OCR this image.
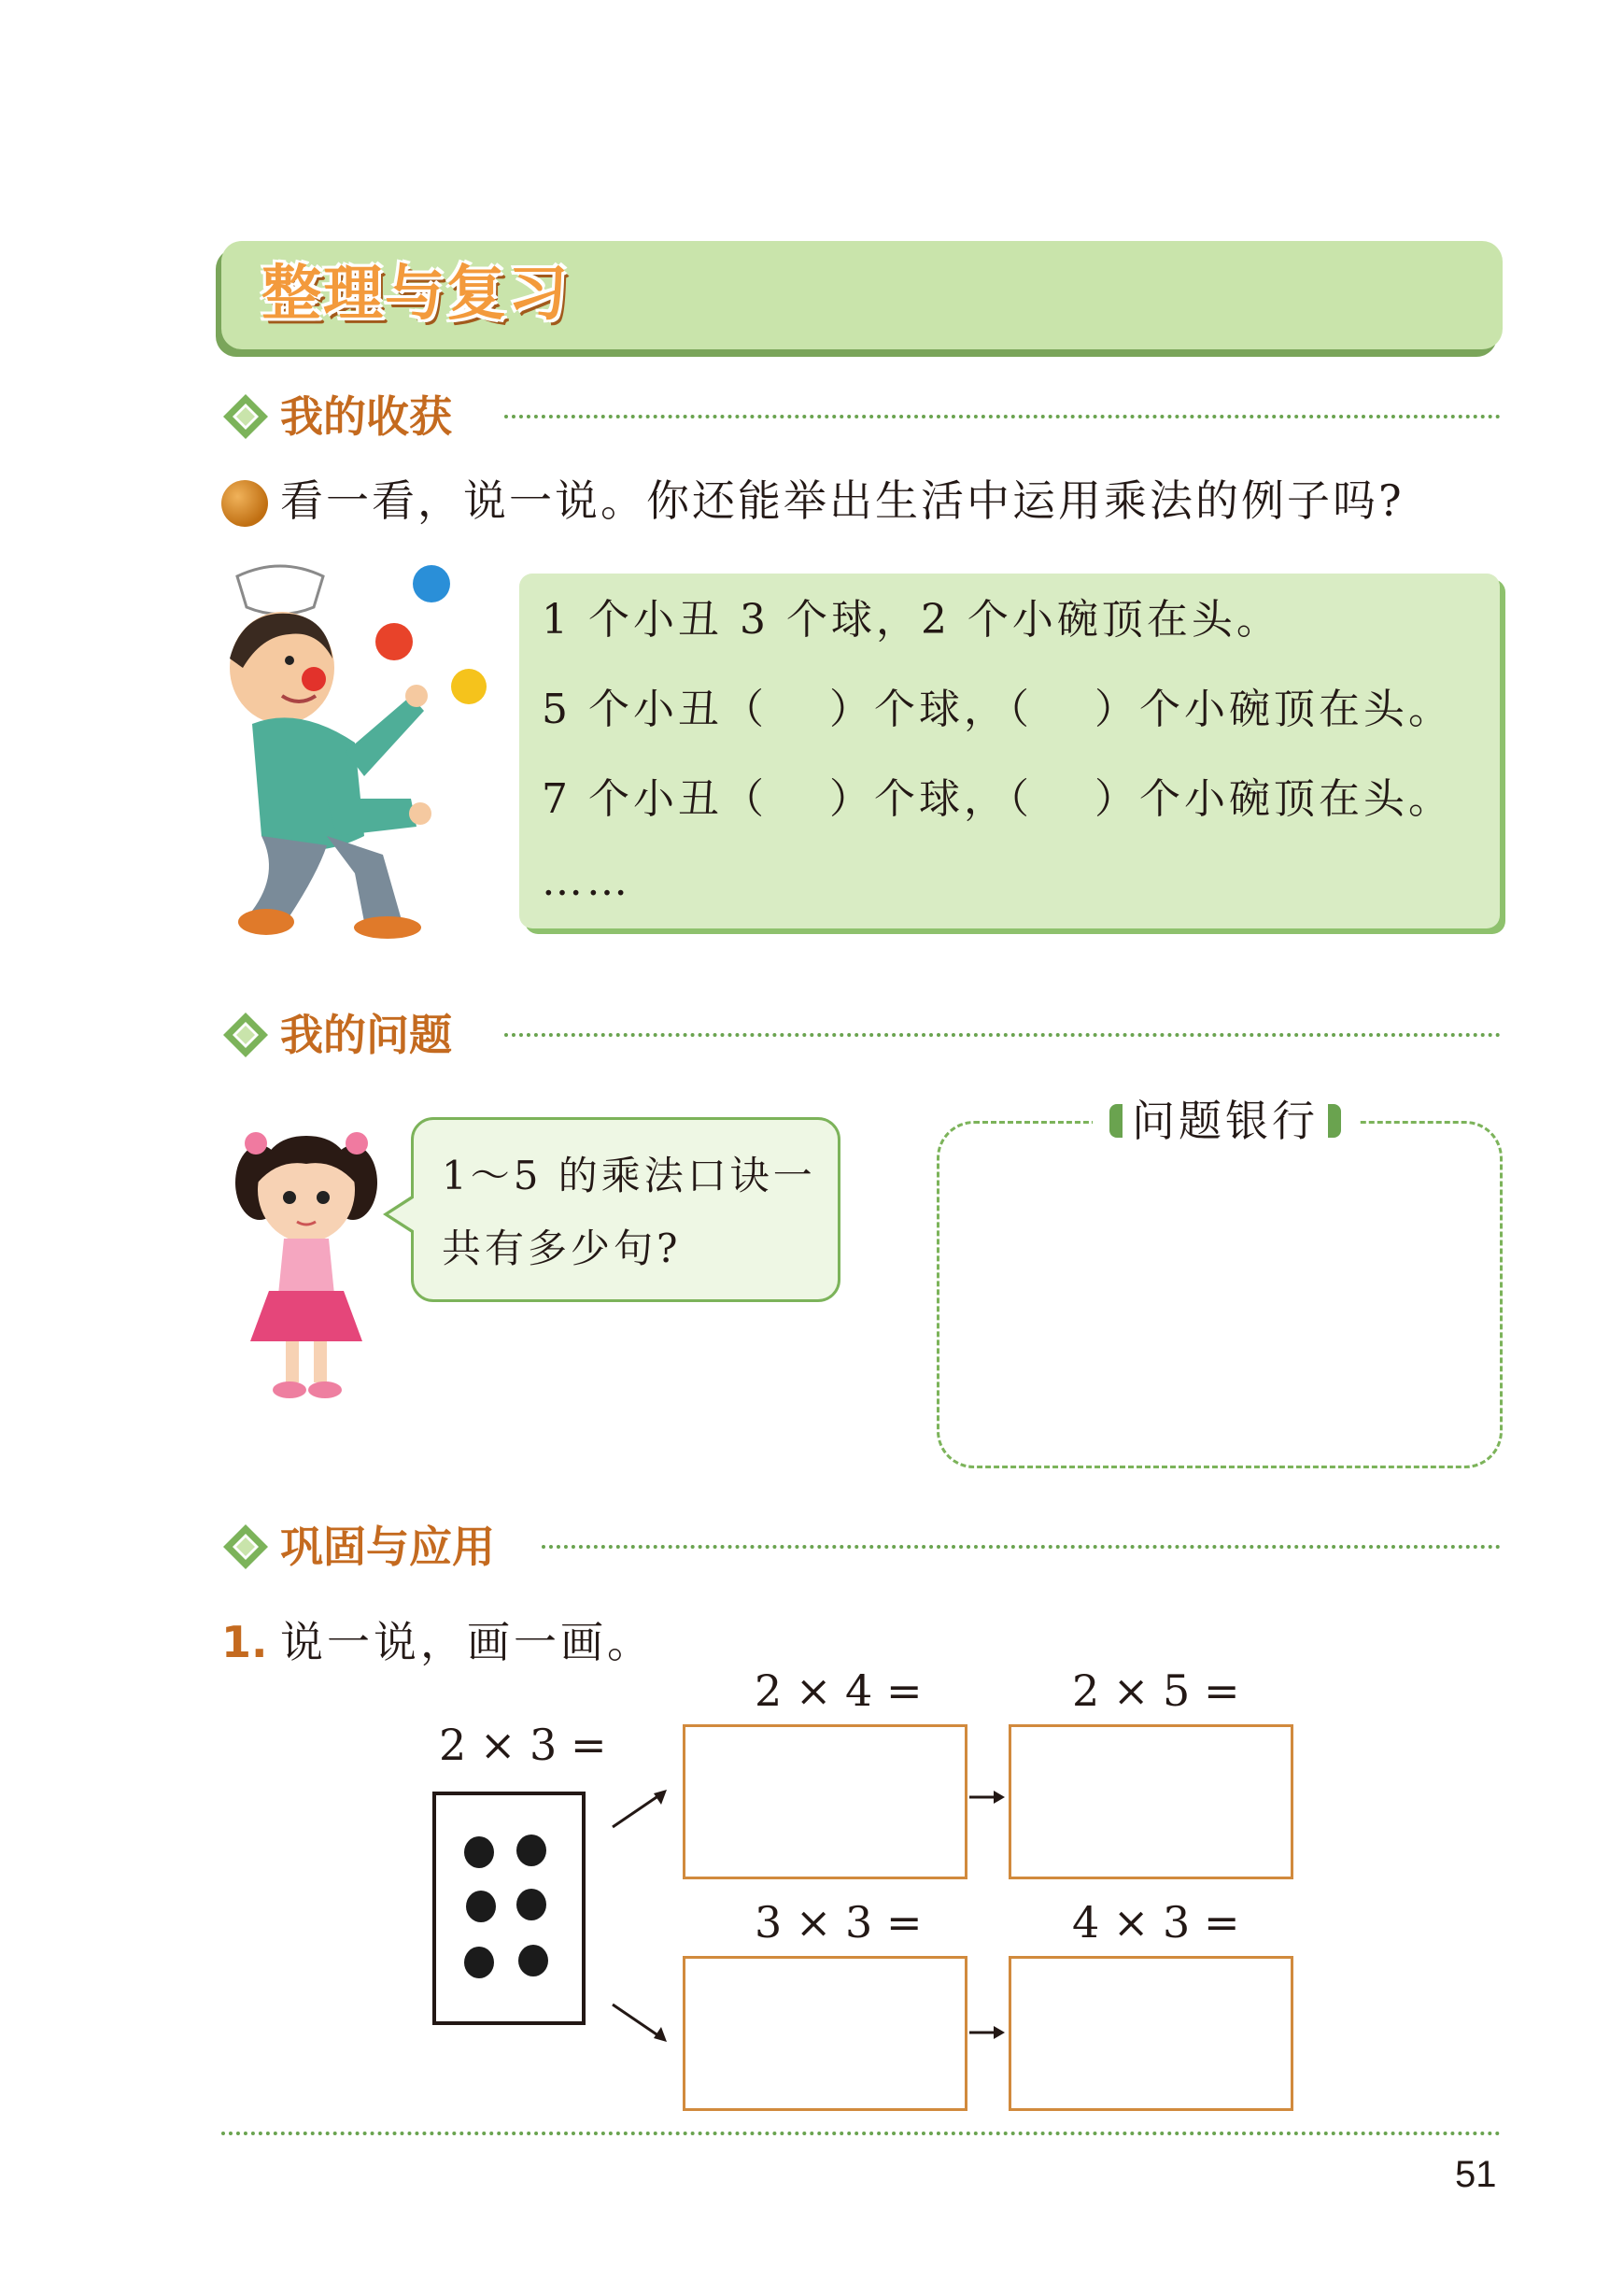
整理与复习
我的收获
看一看，说一说。你还能举出生活中运用乘法的例子吗?
1 个小丑 3 个球，2 个小碗顶在头。
5 个小丑（　 ）个球，（　 ）个小碗顶在头。
7 个小丑（　 ）个球，（　 ）个小碗顶在头。
……
我的问题
1～5 的乘法口诀一
共有多少句?
问题银行
巩固与应用
1. 说一说，画一画。
2 × 3 =
2 × 4 =	2 × 5 =
3 × 3 =	4 × 3 =
51
